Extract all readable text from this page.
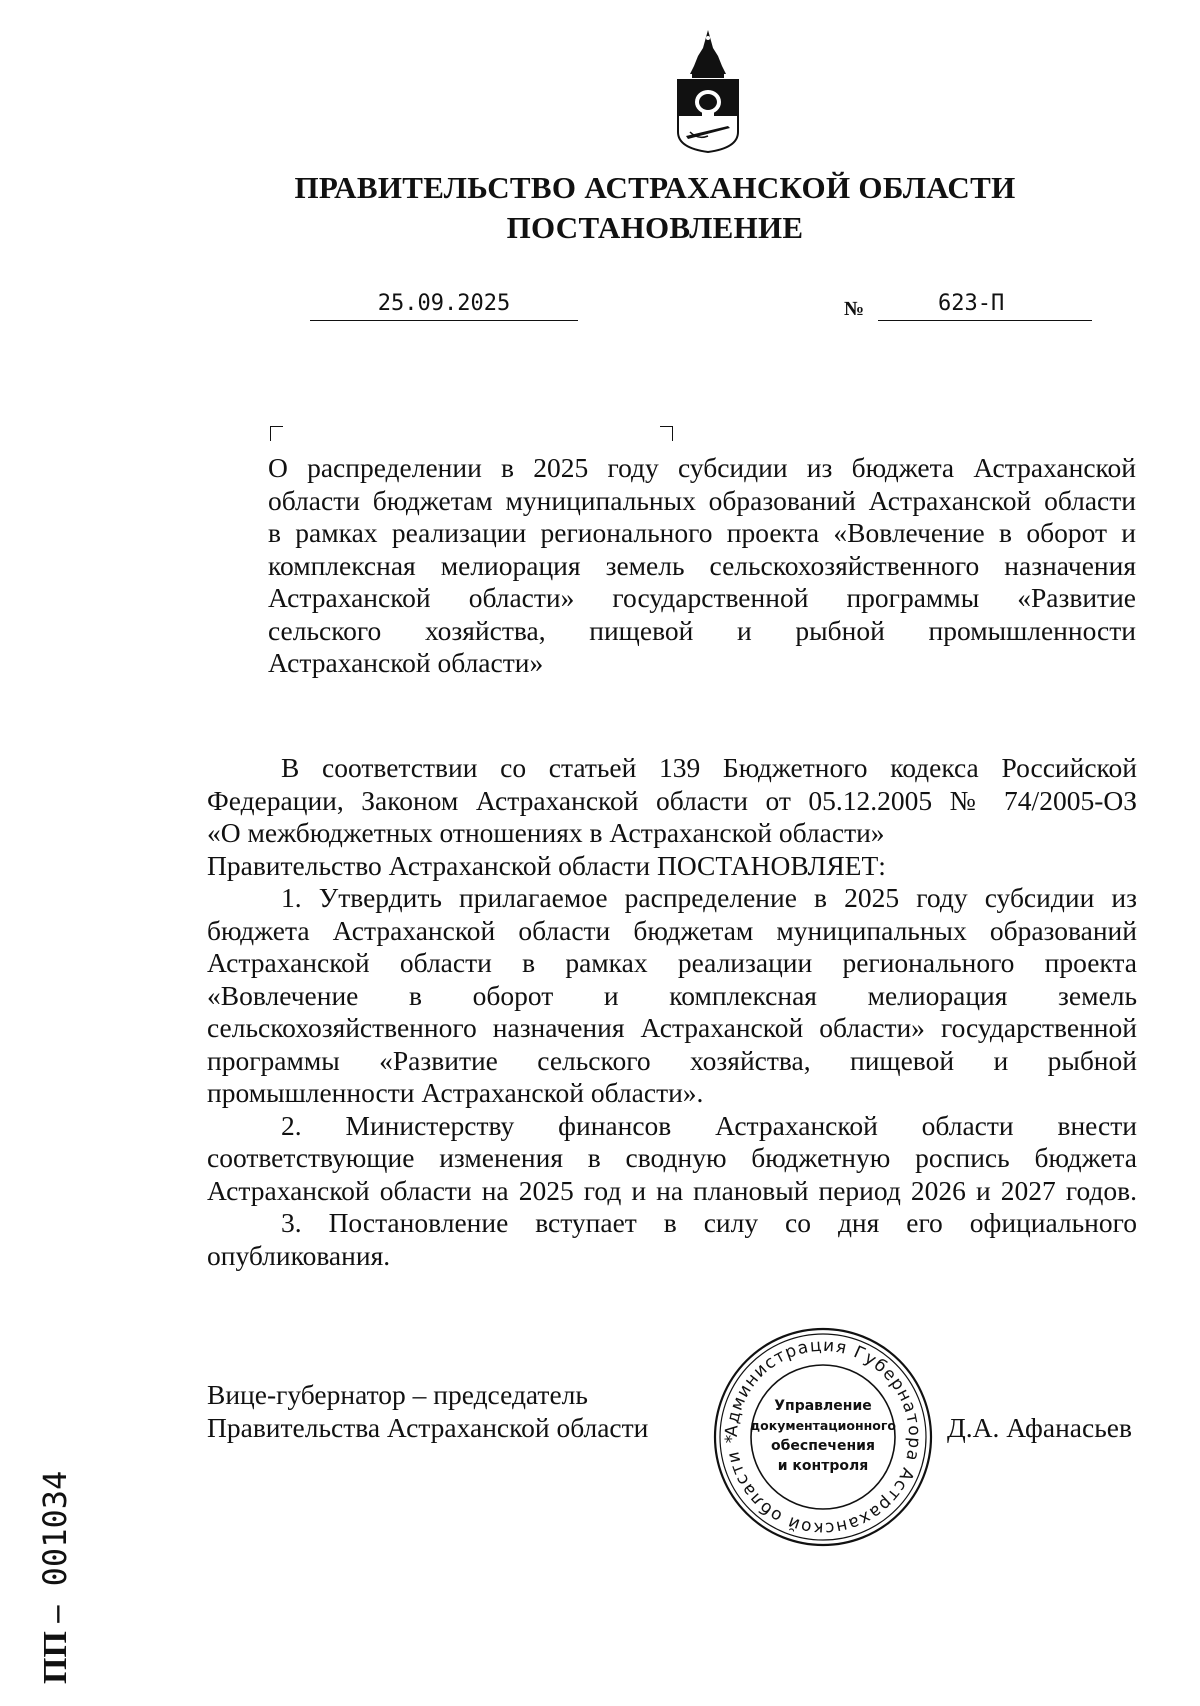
ПРАВИТЕЛЬСТВО АСТРАХАНСКОЙ ОБЛАСТИ
ПОСТАНОВЛЕНИЕ
25.09.2025	№	623-П
О распределении в 2025 году субсидии из бюджета Астраханской
области бюджетам муниципальных образований Астраханской области
в рамках реализации регионального проекта «Вовлечение в оборот и
комплексная мелиорация земель сельскохозяйственного назначения
Астраханской области» государственной программы «Развитие
сельского хозяйства, пищевой и рыбной промышленности
Астраханской области»
В соответствии со статьей 139 Бюджетного кодекса Российской
Федерации, Законом Астраханской области от 05.12.2005 № 74/2005-ОЗ
«О межбюджетных отношениях в Астраханской области»
Правительство Астраханской области ПОСТАНОВЛЯЕТ:
1. Утвердить прилагаемое распределение в 2025 году субсидии из
бюджета Астраханской области бюджетам муниципальных образований
Астраханской области в рамках реализации регионального проекта
«Вовлечение в оборот и комплексная мелиорация земель
сельскохозяйственного назначения Астраханской области» государственной
программы «Развитие сельского хозяйства, пищевой и рыбной
промышленности Астраханской области».
2. Министерству финансов Астраханской области внести
соответствующие изменения в сводную бюджетную роспись бюджета
Астраханской области на 2025 год и на плановый период 2026 и 2027 годов.
3. Постановление вступает в силу со дня его официального
опубликования.
Вице-губернатор – председатель
Правительства Астраханской области	Д.А. Афанасьев
Администрация Губернатора Астраханской области *
Управление
документационного
обеспечения
и контроля
ПП – 001034
